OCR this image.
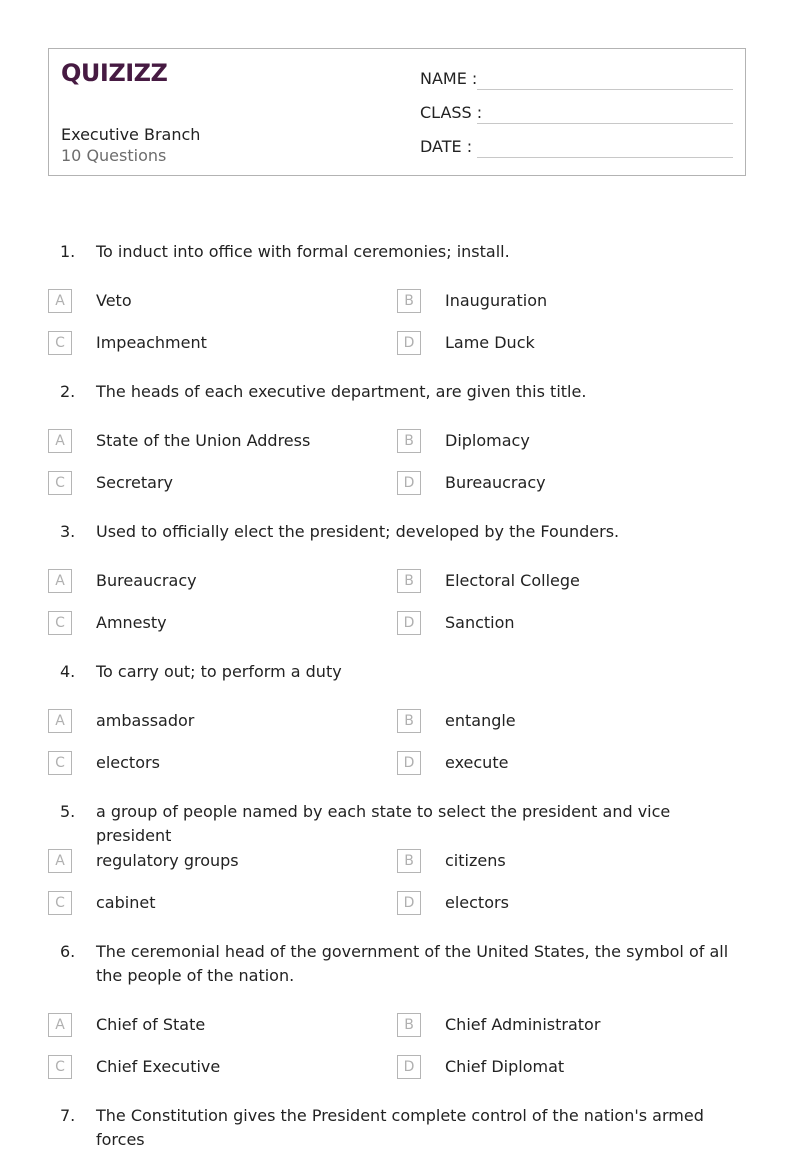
QUIZIZZ
Executive Branch
10 Questions
NAME :
CLASS :
DATE :
1. To induct into office with formal ceremonies; install.
A	Veto	B	Inauguration
C	Impeachment	D	Lame Duck
2. The heads of each executive department, are given this title.
A	State of the Union Address	B	Diplomacy
C	Secretary	D	Bureaucracy
3. Used to officially elect the president; developed by the Founders.
A	Bureaucracy	B	Electoral College
C	Amnesty	D	Sanction
4. To carry out; to perform a duty
A	ambassador	B	entangle
C	electors	D	execute
5. a group of people named by each state to select the president and vice president
A	regulatory groups	B	citizens
C	cabinet	D	electors
6. The ceremonial head of the government of the United States, the symbol of all the people of the nation.
A	Chief of State	B	Chief Administrator
C	Chief Executive	D	Chief Diplomat
7. The Constitution gives the President complete control of the nation's armed forces
